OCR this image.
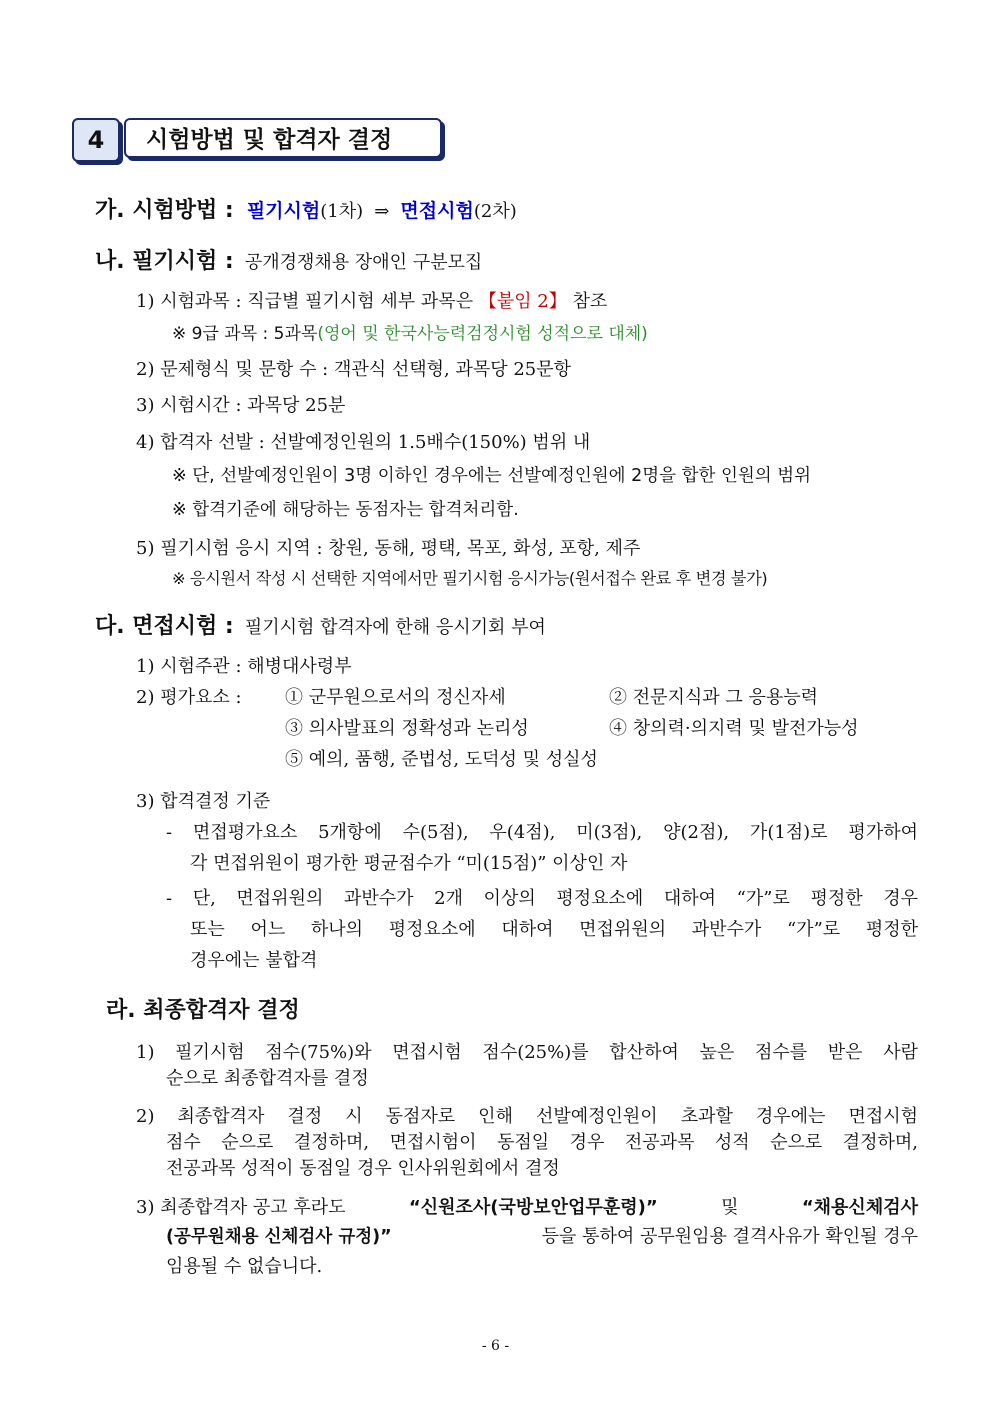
4	시험방법 및 합격자 결정
가. 시험방법 : 필기시험(1차) ⇒ 면접시험(2차)
나. 필기시험 : 공개경쟁채용 장애인 구분모집
1) 시험과목 : 직급별 필기시험 세부 과목은 【붙임 2】 참조
※ 9급 과목 : 5과목(영어 및 한국사능력검정시험 성적으로 대체)
2) 문제형식 및 문항 수 : 객관식 선택형, 과목당 25문항
3) 시험시간 : 과목당 25분
4) 합격자 선발 : 선발예정인원의 1.5배수(150%) 범위 내
※ 단, 선발예정인원이 3명 이하인 경우에는 선발예정인원에 2명을 합한 인원의 범위
※ 합격기준에 해당하는 동점자는 합격처리함.
5) 필기시험 응시 지역 : 창원, 동해, 평택, 목포, 화성, 포항, 제주
※ 응시원서 작성 시 선택한 지역에서만 필기시험 응시가능(원서접수 완료 후 변경 불가)
다. 면접시험 : 필기시험 합격자에 한해 응시기회 부여
1) 시험주관 : 해병대사령부
2) 평가요소 : ① 군무원으로서의 정신자세	② 전문지식과 그 응용능력
③ 의사발표의 정확성과 논리성	④ 창의력·의지력 및 발전가능성
⑤ 예의, 품행, 준법성, 도덕성 및 성실성
3) 합격결정 기준
- 면접평가요소 5개항에 수(5점), 우(4점), 미(3점), 양(2점), 가(1점)로 평가하여
각 면접위원이 평가한 평균점수가 “미(15점)” 이상인 자
- 단, 면접위원의 과반수가 2개 이상의 평정요소에 대하여 “가”로 평정한 경우
또는 어느 하나의 평정요소에 대하여 면접위원의 과반수가 “가”로 평정한
경우에는 불합격
라. 최종합격자 결정
1) 필기시험 점수(75%)와 면접시험 점수(25%)를 합산하여 높은 점수를 받은 사람
순으로 최종합격자를 결정
2) 최종합격자 결정 시 동점자로 인해 선발예정인원이 초과할 경우에는 면접시험
점수 순으로 결정하며, 면접시험이 동점일 경우 전공과목 성적 순으로 결정하며,
전공과목 성적이 동점일 경우 인사위원회에서 결정
3) 최종합격자 공고 후라도	“신원조사(국방보안업무훈령)”	및	“채용신체검사
(공무원채용 신체검사 규정)”	등을 통하여 공무원임용 결격사유가 확인될 경우
임용될 수 없습니다.
- 6 -
